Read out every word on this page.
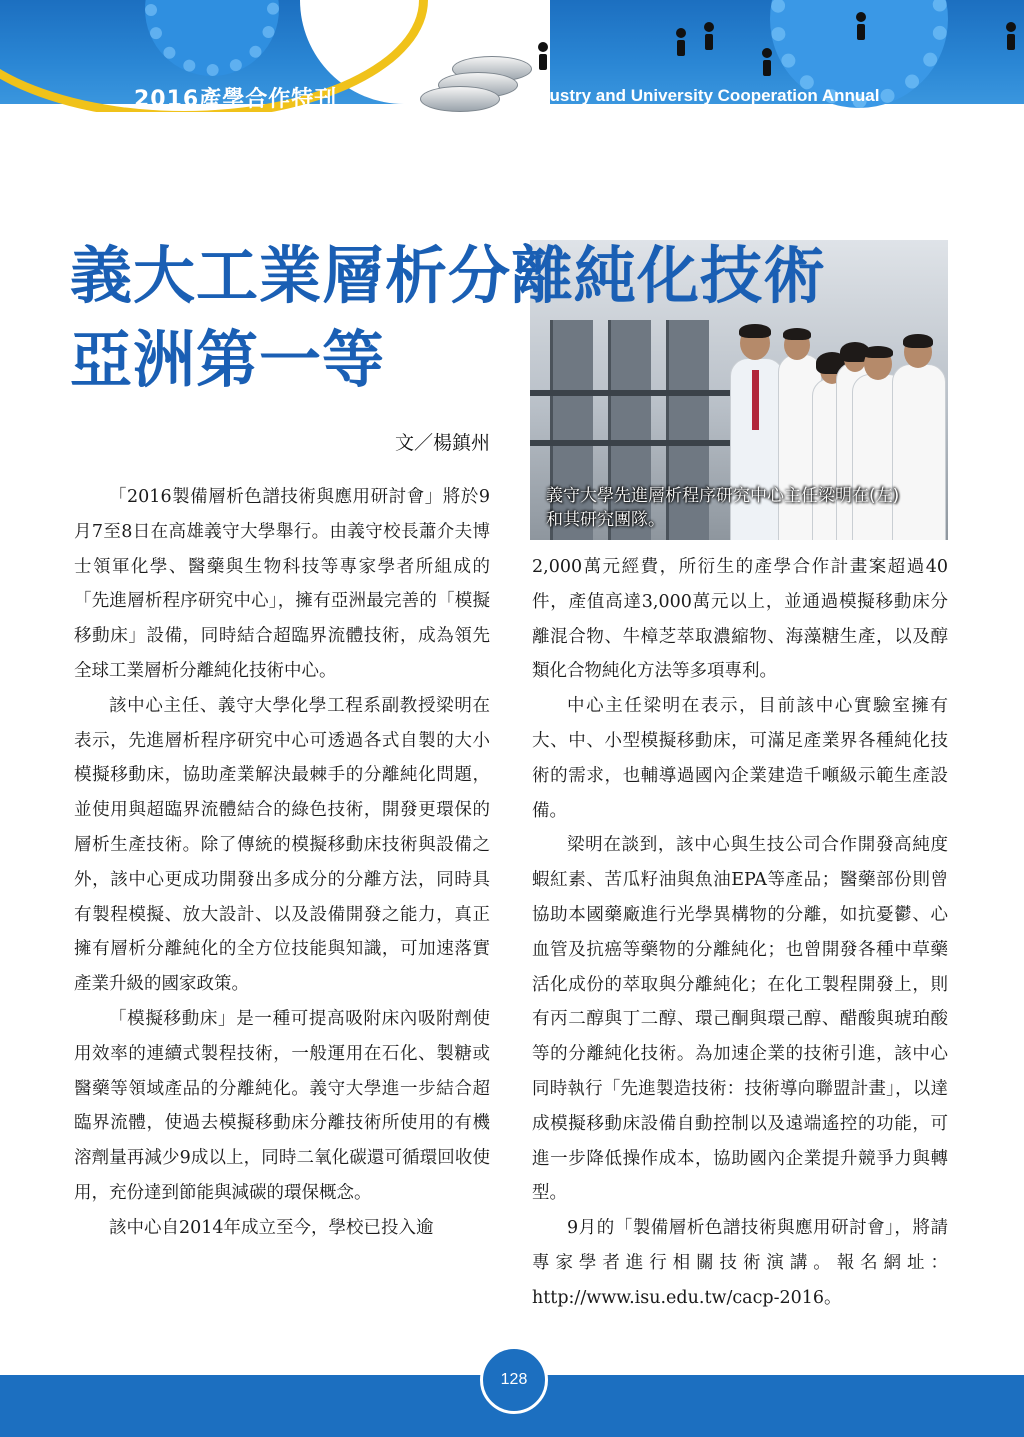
2016產學合作特刊	Industry and University Cooperation Annual

義守大學先進層析程序研究中心主任梁明在(左)
和其研究團隊。

義大工業層析分離純化技術
亞洲第一等

文／楊鎮州

「2016製備層析色譜技術與應用研討會」將於9月7至8日在高雄義守大學舉行。由義守校長蕭介夫博士領軍化學、醫藥與生物科技等專家學者所組成的「先進層析程序研究中心」，擁有亞洲最完善的「模擬移動床」設備，同時結合超臨界流體技術，成為領先全球工業層析分離純化技術中心。

該中心主任、義守大學化學工程系副教授梁明在表示，先進層析程序研究中心可透過各式自製的大小模擬移動床，協助產業解決最棘手的分離純化問題，並使用與超臨界流體結合的綠色技術，開發更環保的層析生產技術。除了傳統的模擬移動床技術與設備之外，該中心更成功開發出多成分的分離方法，同時具有製程模擬、放大設計、以及設備開發之能力，真正擁有層析分離純化的全方位技能與知識，可加速落實產業升級的國家政策。

「模擬移動床」是一種可提高吸附床內吸附劑使用效率的連續式製程技術，一般運用在石化、製糖或醫藥等領域產品的分離純化。義守大學進一步結合超臨界流體，使過去模擬移動床分離技術所使用的有機溶劑量再減少9成以上，同時二氧化碳還可循環回收使用，充份達到節能與減碳的環保概念。

該中心自2014年成立至今，學校已投入逾

2,000萬元經費，所衍生的產學合作計畫案超過40件，產值高達3,000萬元以上，並通過模擬移動床分離混合物、牛樟芝萃取濃縮物、海藻糖生產，以及醇類化合物純化方法等多項專利。

中心主任梁明在表示，目前該中心實驗室擁有大、中、小型模擬移動床，可滿足產業界各種純化技術的需求，也輔導過國內企業建造千噸級示範生產設備。

梁明在談到，該中心與生技公司合作開發高純度蝦紅素、苦瓜籽油與魚油EPA等產品；醫藥部份則曾協助本國藥廠進行光學異構物的分離，如抗憂鬱、心血管及抗癌等藥物的分離純化；也曾開發各種中草藥活化成份的萃取與分離純化；在化工製程開發上，則有丙二醇與丁二醇、環己酮與環己醇、醋酸與琥珀酸等的分離純化技術。為加速企業的技術引進，該中心同時執行「先進製造技術：技術導向聯盟計畫」，以達成模擬移動床設備自動控制以及遠端遙控的功能，可進一步降低操作成本，協助國內企業提升競爭力與轉型。

9月的「製備層析色譜技術與應用研討會」，將請專家學者進行相關技術演講。報名網址：http://www.isu.edu.tw/cacp-2016。

128
